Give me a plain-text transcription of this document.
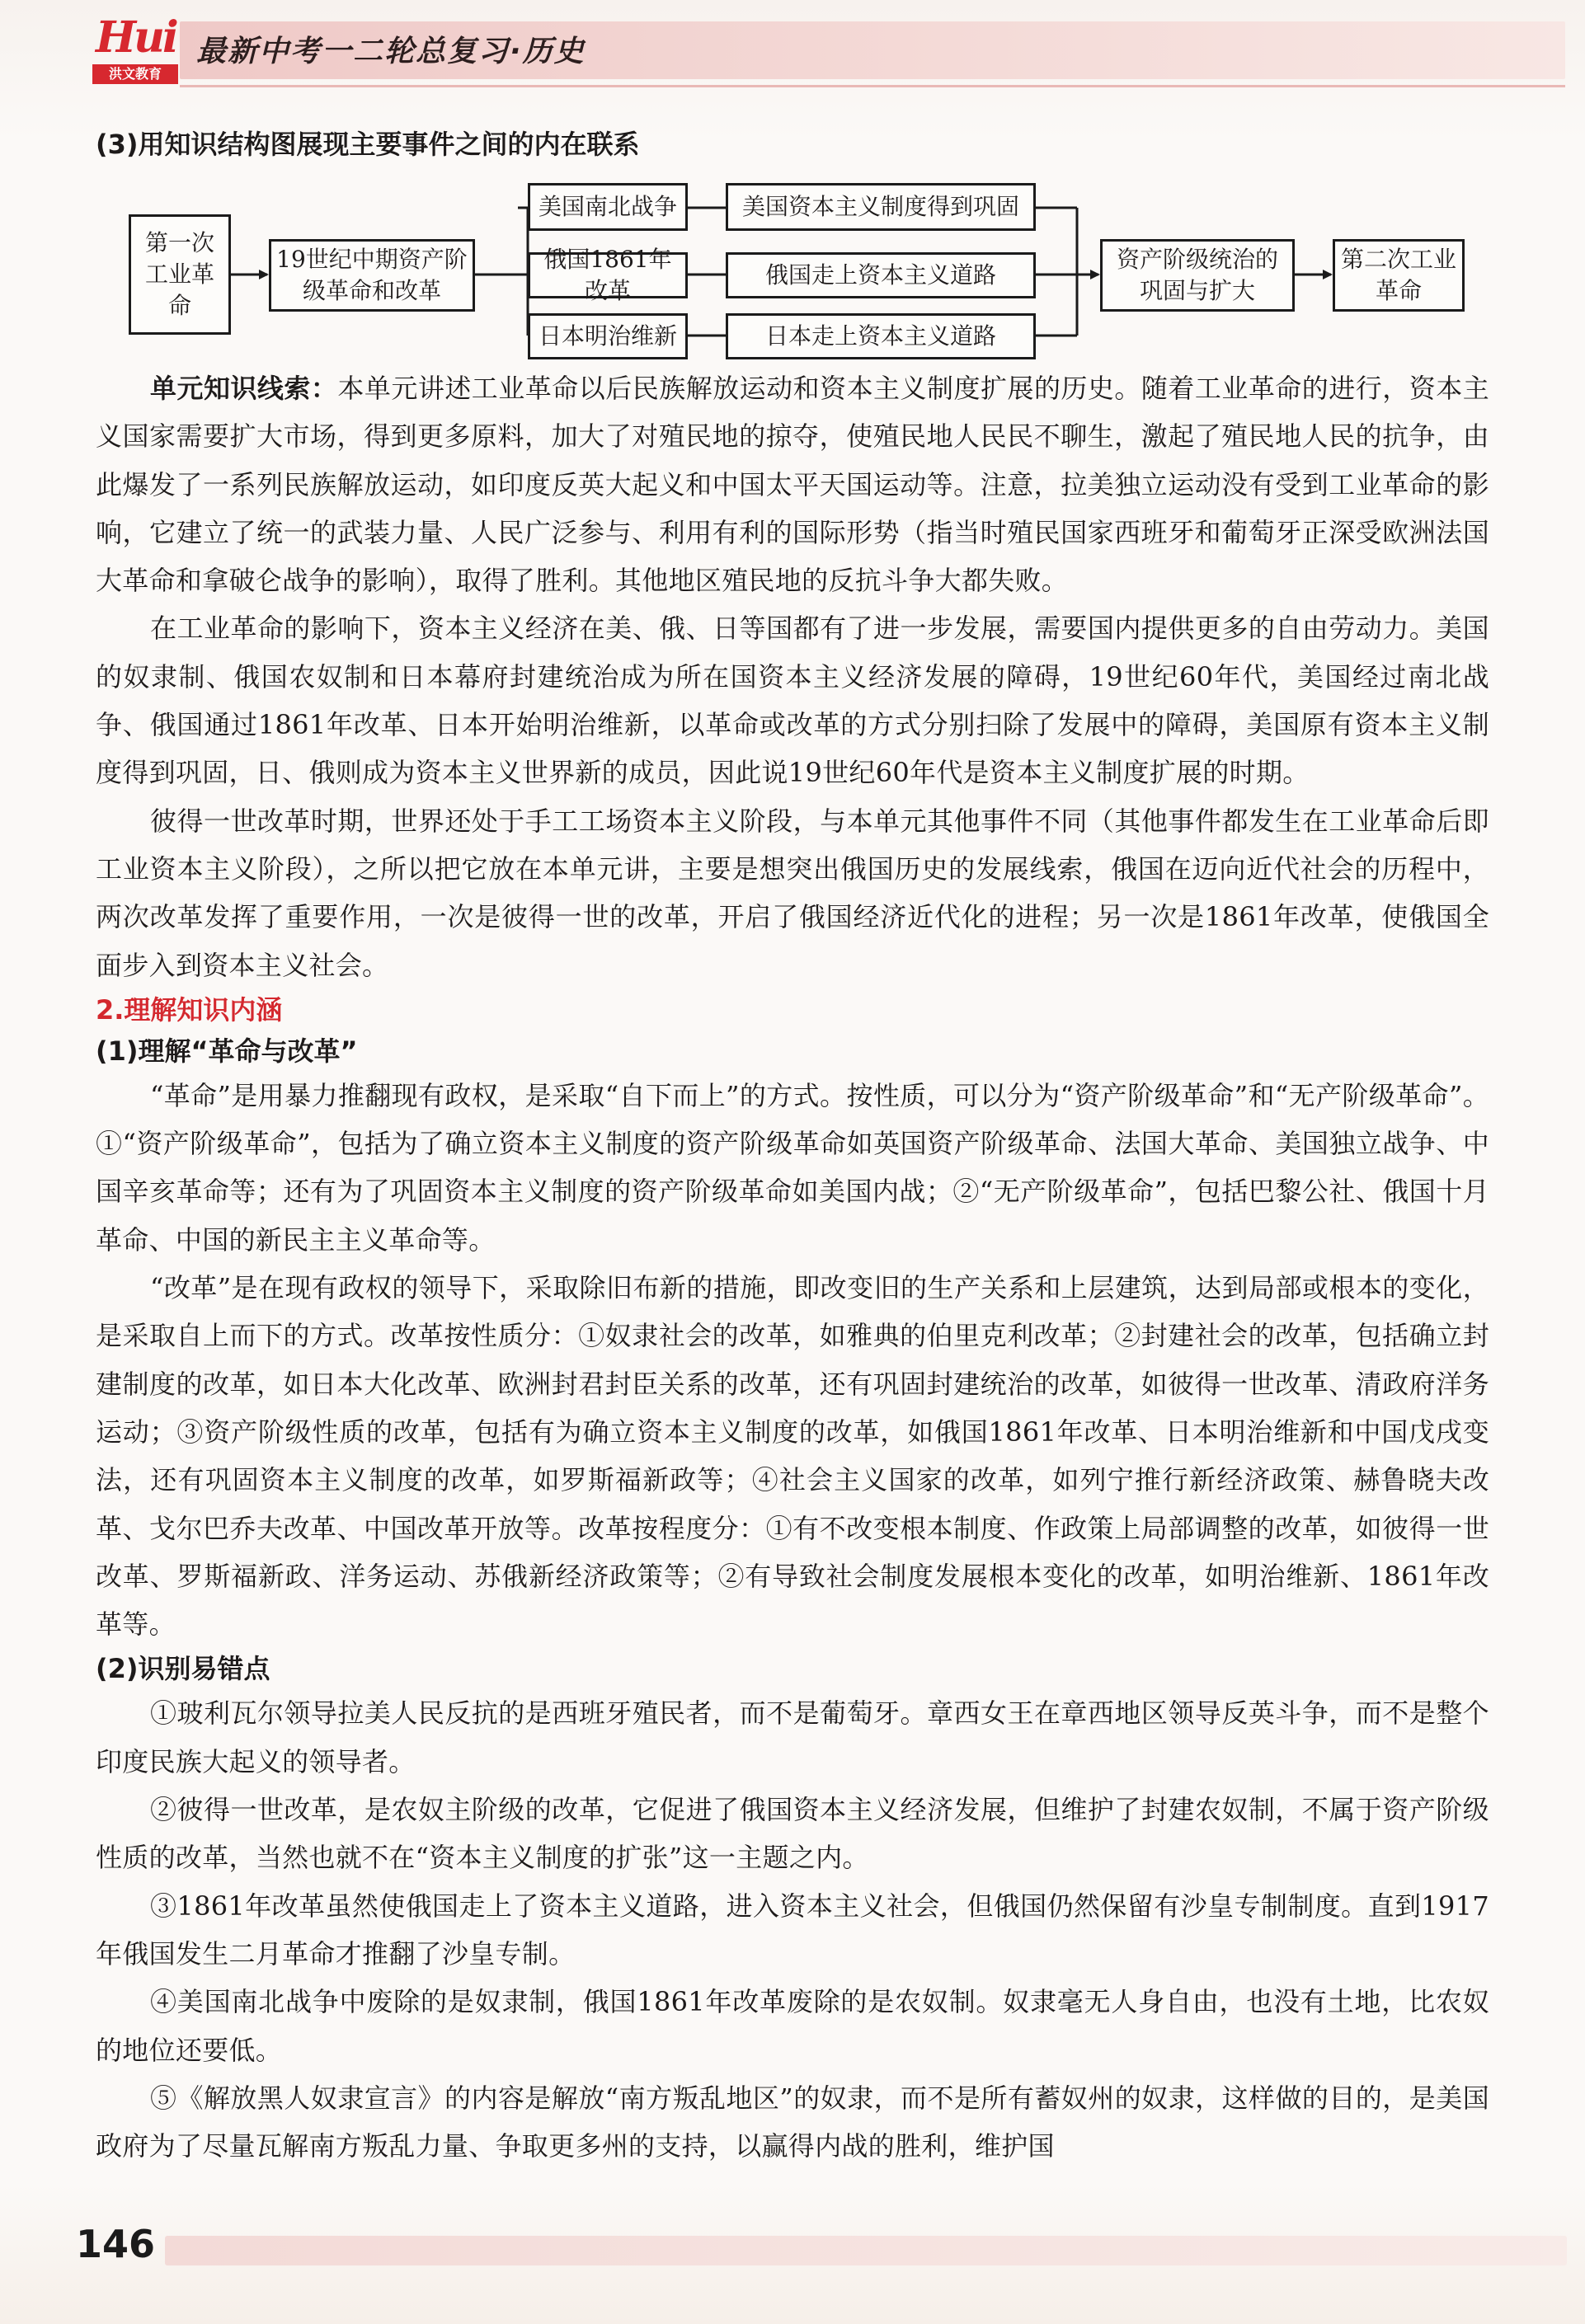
Hui
洪文教育
最新中考一二轮总复习·历史
第一次工业革命
19世纪中期资产阶级革命和改革
美国南北战争
俄国1861年改革
日本明治维新
美国资本主义制度得到巩固
俄国走上资本主义道路
日本走上资本主义道路
资产阶级统治的巩固与扩大
第二次工业革命
(3)用知识结构图展现主要事件之间的内在联系

单元知识线索：本单元讲述工业革命以后民族解放运动和资本主义制度扩展的历史。随着工业革命的进行，资本主义国家需要扩大市场，得到更多原料，加大了对殖民地的掠夺，使殖民地人民民不聊生，激起了殖民地人民的抗争，由此爆发了一系列民族解放运动，如印度反英大起义和中国太平天国运动等。注意，拉美独立运动没有受到工业革命的影响，它建立了统一的武装力量、人民广泛参与、利用有利的国际形势（指当时殖民国家西班牙和葡萄牙正深受欧洲法国大革命和拿破仑战争的影响），取得了胜利。其他地区殖民地的反抗斗争大都失败。

在工业革命的影响下，资本主义经济在美、俄、日等国都有了进一步发展，需要国内提供更多的自由劳动力。美国的奴隶制、俄国农奴制和日本幕府封建统治成为所在国资本主义经济发展的障碍，19世纪60年代，美国经过南北战争、俄国通过1861年改革、日本开始明治维新，以革命或改革的方式分别扫除了发展中的障碍，美国原有资本主义制度得到巩固，日、俄则成为资本主义世界新的成员，因此说19世纪60年代是资本主义制度扩展的时期。

彼得一世改革时期，世界还处于手工工场资本主义阶段，与本单元其他事件不同（其他事件都发生在工业革命后即工业资本主义阶段），之所以把它放在本单元讲，主要是想突出俄国历史的发展线索，俄国在迈向近代社会的历程中，两次改革发挥了重要作用，一次是彼得一世的改革，开启了俄国经济近代化的进程；另一次是1861年改革，使俄国全面步入到资本主义社会。

2.理解知识内涵
(1)理解“革命与改革”

“革命”是用暴力推翻现有政权，是采取“自下而上”的方式。按性质，可以分为“资产阶级革命”和“无产阶级革命”。①“资产阶级革命”，包括为了确立资本主义制度的资产阶级革命如英国资产阶级革命、法国大革命、美国独立战争、中国辛亥革命等；还有为了巩固资本主义制度的资产阶级革命如美国内战；②“无产阶级革命”，包括巴黎公社、俄国十月革命、中国的新民主主义革命等。

“改革”是在现有政权的领导下，采取除旧布新的措施，即改变旧的生产关系和上层建筑，达到局部或根本的变化，是采取自上而下的方式。改革按性质分：①奴隶社会的改革，如雅典的伯里克利改革；②封建社会的改革，包括确立封建制度的改革，如日本大化改革、欧洲封君封臣关系的改革，还有巩固封建统治的改革，如彼得一世改革、清政府洋务运动；③资产阶级性质的改革，包括有为确立资本主义制度的改革，如俄国1861年改革、日本明治维新和中国戊戌变法，还有巩固资本主义制度的改革，如罗斯福新政等；④社会主义国家的改革，如列宁推行新经济政策、赫鲁晓夫改革、戈尔巴乔夫改革、中国改革开放等。改革按程度分：①有不改变根本制度、作政策上局部调整的改革，如彼得一世改革、罗斯福新政、洋务运动、苏俄新经济政策等；②有导致社会制度发展根本变化的改革，如明治维新、1861年改革等。

(2)识别易错点

①玻利瓦尔领导拉美人民反抗的是西班牙殖民者，而不是葡萄牙。章西女王在章西地区领导反英斗争，而不是整个印度民族大起义的领导者。

②彼得一世改革，是农奴主阶级的改革，它促进了俄国资本主义经济发展，但维护了封建农奴制，不属于资产阶级性质的改革，当然也就不在“资本主义制度的扩张”这一主题之内。

③1861年改革虽然使俄国走上了资本主义道路，进入资本主义社会，但俄国仍然保留有沙皇专制制度。直到1917年俄国发生二月革命才推翻了沙皇专制。

④美国南北战争中废除的是奴隶制，俄国1861年改革废除的是农奴制。奴隶毫无人身自由，也没有土地，比农奴的地位还要低。

⑤《解放黑人奴隶宣言》的内容是解放“南方叛乱地区”的奴隶，而不是所有蓄奴州的奴隶，这样做的目的，是美国政府为了尽量瓦解南方叛乱力量、争取更多州的支持，以赢得内战的胜利，维护国

146
